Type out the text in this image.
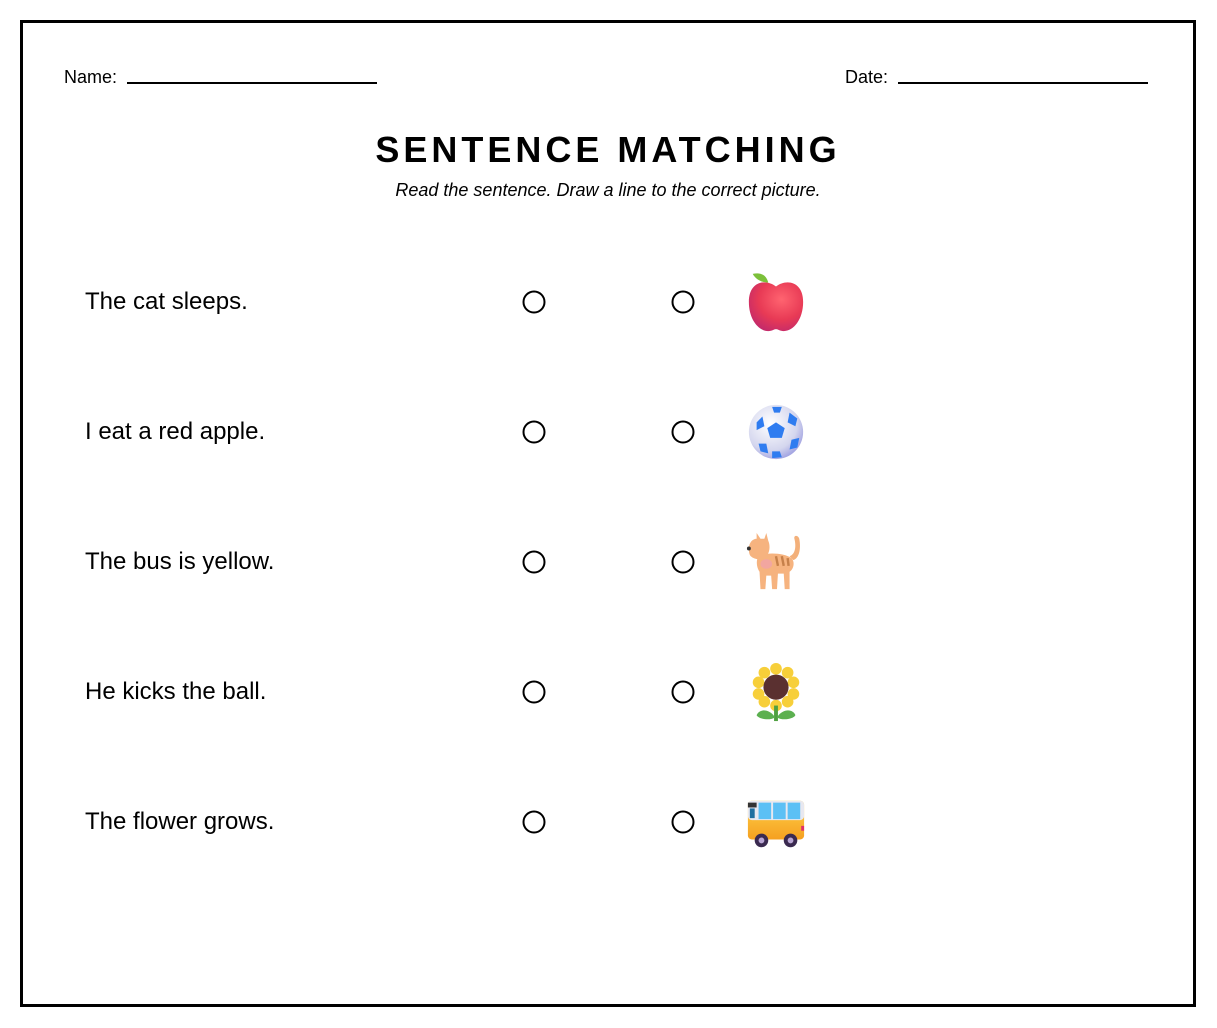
Name:	Date:
SENTENCE MATCHING
Read the sentence. Draw a line to the correct picture.
The cat sleeps.
I eat a red apple.
The bus is yellow.
He kicks the ball.
The flower grows.
